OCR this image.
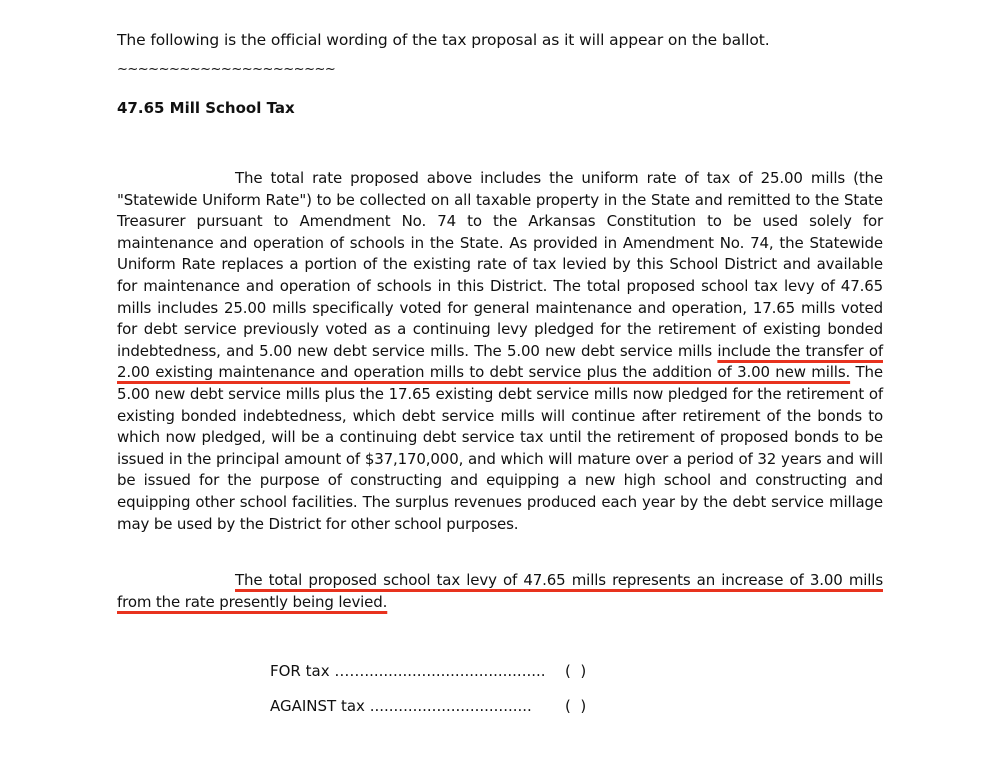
The following is the official wording of the tax proposal as it will appear on the ballot.
~~~~~~~~~~~~~~~~~~~~~
47.65 Mill School Tax

The total rate proposed above includes the uniform rate of tax of 25.00 mills (the "Statewide Uniform Rate") to be collected on all taxable property in the State and remitted to the State Treasurer pursuant to Amendment No. 74 to the Arkansas Constitution to be used solely for maintenance and operation of schools in the State. As provided in Amendment No. 74, the Statewide Uniform Rate replaces a portion of the existing rate of tax levied by this School District and available for maintenance and operation of schools in this District. The total proposed school tax levy of 47.65 mills includes 25.00 mills specifically voted for general maintenance and operation, 17.65 mills voted for debt service previously voted as a continuing levy pledged for the retirement of existing bonded indebtedness, and 5.00 new debt service mills. The 5.00 new debt service mills include the transfer of 2.00 existing maintenance and operation mills to debt service plus the addition of 3.00 new mills. The 5.00 new debt service mills plus the 17.65 existing debt service mills now pledged for the retirement of existing bonded indebtedness, which debt service mills will continue after retirement of the bonds to which now pledged, will be a continuing debt service tax until the retirement of proposed bonds to be issued in the principal amount of $37,170,000, and which will mature over a period of 32 years and will be issued for the purpose of constructing and equipping a new high school and constructing and equipping other school facilities. The surplus revenues produced each year by the debt service millage may be used by the District for other school purposes.

The total proposed school tax levy of 47.65 mills represents an increase of 3.00 mills from the rate presently being levied.

FOR tax ……...................................... (  )
AGAINST tax .................................. (  )
